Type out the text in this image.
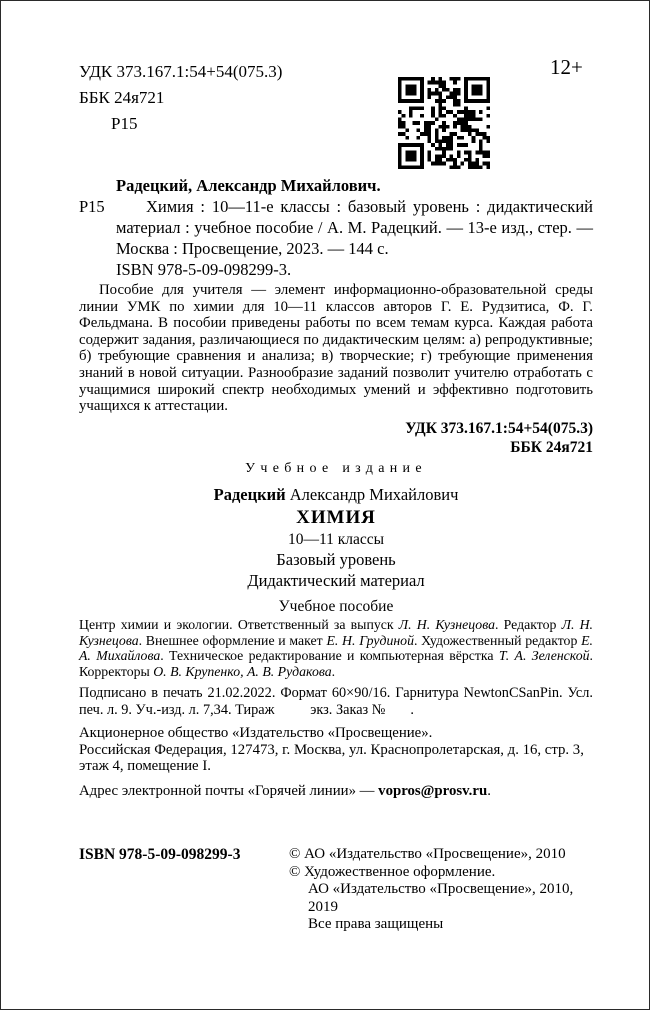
УДК 373.167.1:54+54(075.3)
ББК 24я721
Р15
12+

Радецкий, Александр Михайлович.

Р15	Химия : 10—11-е классы : базовый уровень : дидактический материал : учебное пособие / А. М. Радецкий. — 13-е изд., стер. — Москва : Просвещение, 2023. — 144 с.

ISBN 978-5-09-098299-3.

Пособие для учителя — элемент информационно-образовательной среды линии УМК по химии для 10—11 классов авторов Г. Е. Рудзитиса, Ф. Г. Фельдмана. В пособии приведены работы по всем темам курса. Каждая работа содержит задания, различающиеся по дидактическим целям: а) репродуктивные; б) требующие сравнения и анализа; в) творческие; г) требующие применения знаний в новой ситуации. Разнообразие заданий позволит учителю отработать с учащимися широкий спектр необходимых умений и эффективно подготовить учащихся к аттестации.

УДК 373.167.1:54+54(075.3)
ББК 24я721

Учебное издание

Радецкий Александр Михайлович

ХИМИЯ

10—11 классы

Базовый уровень

Дидактический материал

Учебное пособие

Центр химии и экологии. Ответственный за выпуск Л. Н. Кузнецова. Редактор Л. Н. Кузнецова. Внешнее оформление и макет Е. Н. Грудиной. Художественный редактор Е. А. Михайлова. Техническое редактирование и компьютерная вёрстка Т. А. Зеленской. Корректоры О. В. Крупенко, А. В. Рудакова.

Подписано в печать 21.02.2022. Формат 60×90/16. Гарнитура NewtonCSanPin. Усл. печ. л. 9. Уч.-изд. л. 7,34. Тираж          экз. Заказ №       .

Акционерное общество «Издательство «Просвещение».

Российская Федерация, 127473, г. Москва, ул. Краснопролетарская, д. 16, стр. 3, этаж 4, помещение I.

Адрес электронной почты «Горячей линии» — vopros@prosv.ru.

ISBN 978-5-09-098299-3	© АО «Издательство «Просвещение», 2010
© Художественное оформление.
АО «Издательство «Просвещение», 2010,
2019
Все права защищены
